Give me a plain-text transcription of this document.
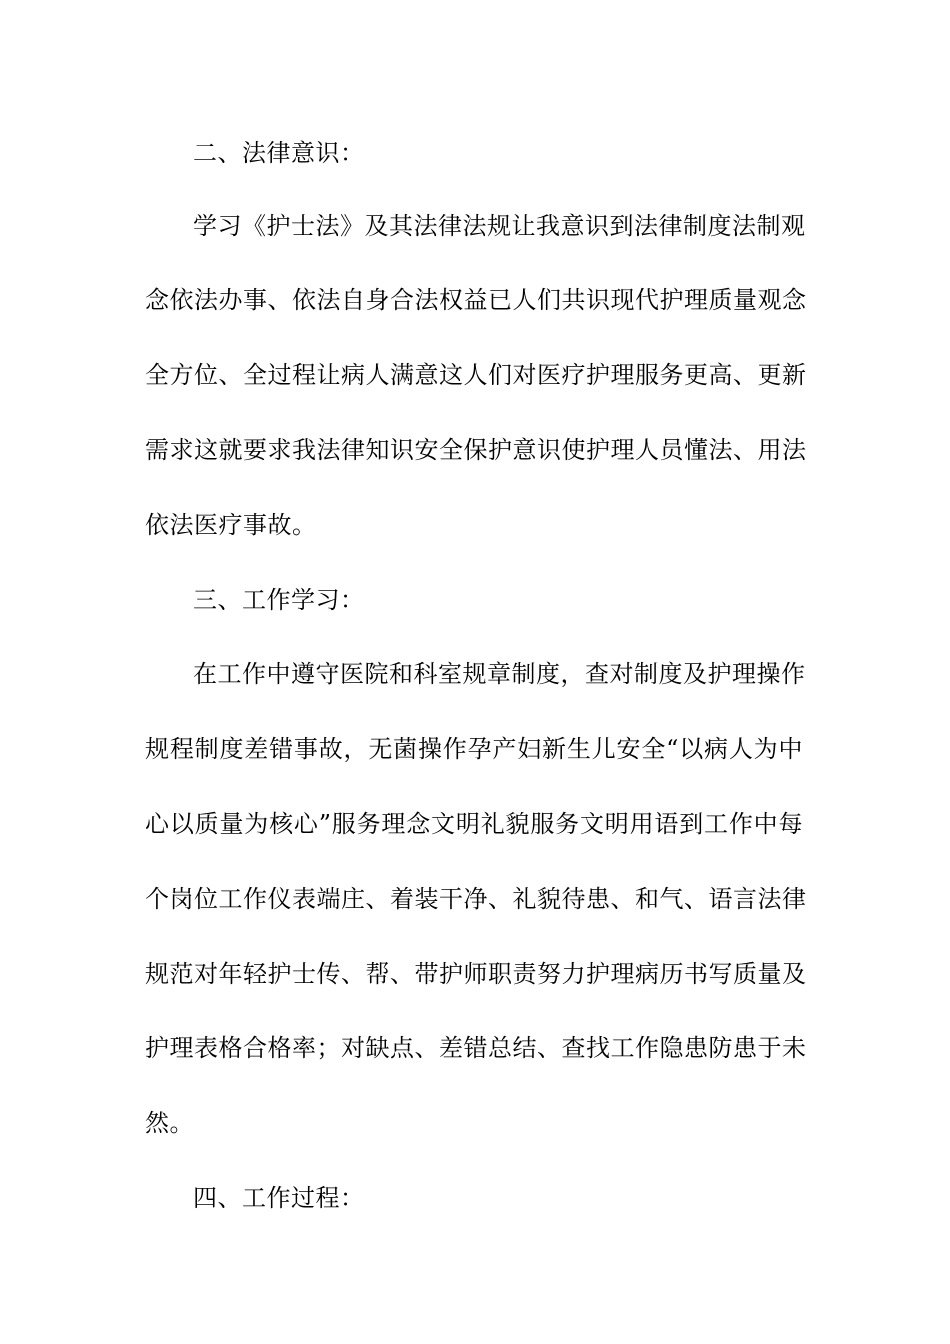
二、法律意识：
学习《护士法》及其法律法规让我意识到法律制度法制观
念依法办事、依法自身合法权益已人们共识现代护理质量观念
全方位、全过程让病人满意这人们对医疗护理服务更高、更新
需求这就要求我法律知识安全保护意识使护理人员懂法、用法
依法医疗事故。
三、工作学习：
在工作中遵守医院和科室规章制度，查对制度及护理操作
规程制度差错事故，无菌操作孕产妇新生儿安全“以病人为中
心以质量为核心”服务理念文明礼貌服务文明用语到工作中每
个岗位工作仪表端庄、着装干净、礼貌待患、和气、语言法律
规范对年轻护士传、帮、带护师职责努力护理病历书写质量及
护理表格合格率；对缺点、差错总结、查找工作隐患防患于未
然。
四、工作过程：
